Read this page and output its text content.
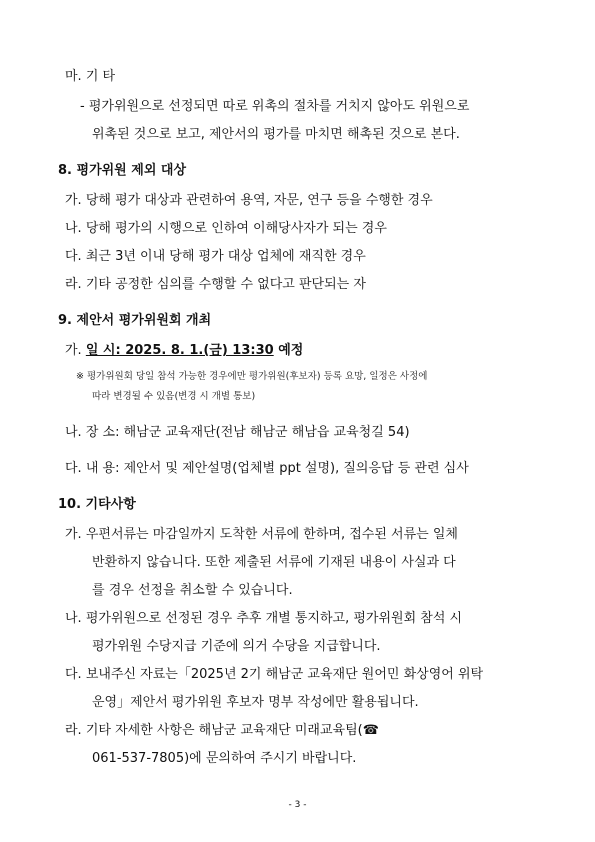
마. 기 타
- 평가위원으로 선정되면 따로 위촉의 절차를 거치지 않아도 위원으로
위촉된 것으로 보고, 제안서의 평가를 마치면 해촉된 것으로 본다.
8. 평가위원 제외 대상
가. 당해 평가 대상과 관련하여 용역, 자문, 연구 등을 수행한 경우
나. 당해 평가의 시행으로 인하여 이해당사자가 되는 경우
다. 최근 3년 이내 당해 평가 대상 업체에 재직한 경우
라. 기타 공정한 심의를 수행할 수 없다고 판단되는 자
9. 제안서 평가위원회 개최
가. 일 시: 2025. 8. 1.(금) 13:30 예정
※ 평가위원회 당일 참석 가능한 경우에만 평가위원(후보자) 등록 요망, 일정은 사정에
따라 변경될 수 있음(변경 시 개별 통보)
나. 장 소: 해남군 교육재단(전남 해남군 해남읍 교육청길 54)
다. 내 용: 제안서 및 제안설명(업체별 ppt 설명), 질의응답 등 관련 심사
10. 기타사항
가. 우편서류는 마감일까지 도착한 서류에 한하며, 접수된 서류는 일체
반환하지 않습니다. 또한 제출된 서류에 기재된 내용이 사실과 다
를 경우 선정을 취소할 수 있습니다.
나. 평가위원으로 선정된 경우 추후 개별 통지하고, 평가위원회 참석 시
평가위원 수당지급 기준에 의거 수당을 지급합니다.
다. 보내주신 자료는「2025년 2기 해남군 교육재단 원어민 화상영어 위탁
운영」제안서 평가위원 후보자 명부 작성에만 활용됩니다.
라. 기타 자세한 사항은 해남군 교육재단 미래교육팀(☎
061-537-7805)에 문의하여 주시기 바랍니다.
- 3 -
